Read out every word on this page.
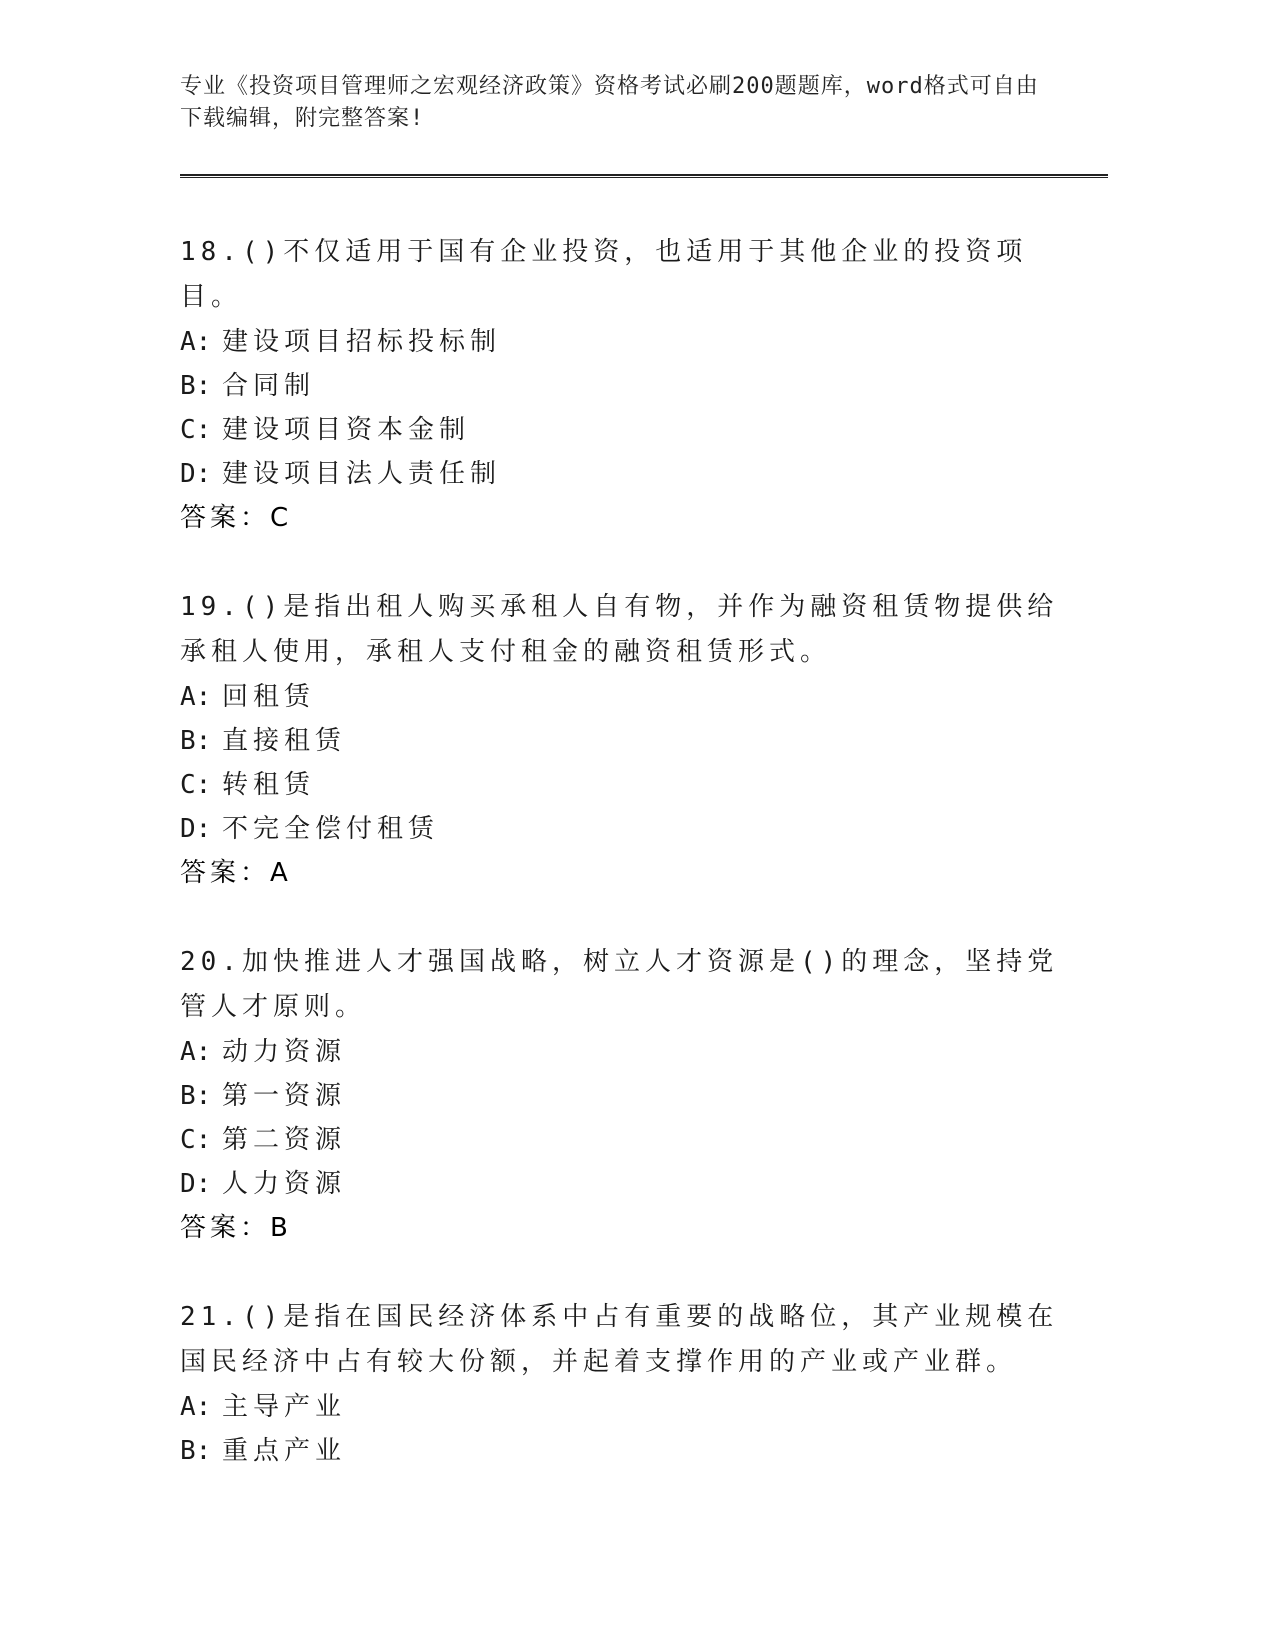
专业《投资项目管理师之宏观经济政策》资格考试必刷200题题库，word格式可自由下载编辑，附完整答案!
18.()不仅适用于国有企业投资，也适用于其他企业的投资项目。
A: 建设项目招标投标制
B: 合同制
C: 建设项目资本金制
D: 建设项目法人责任制
答案：C
19.()是指出租人购买承租人自有物，并作为融资租赁物提供给承租人使用，承租人支付租金的融资租赁形式。
A: 回租赁
B: 直接租赁
C: 转租赁
D: 不完全偿付租赁
答案：A
20.加快推进人才强国战略，树立人才资源是()的理念，坚持党管人才原则。
A: 动力资源
B: 第一资源
C: 第二资源
D: 人力资源
答案：B
21.()是指在国民经济体系中占有重要的战略位，其产业规模在国民经济中占有较大份额，并起着支撑作用的产业或产业群。
A: 主导产业
B: 重点产业
